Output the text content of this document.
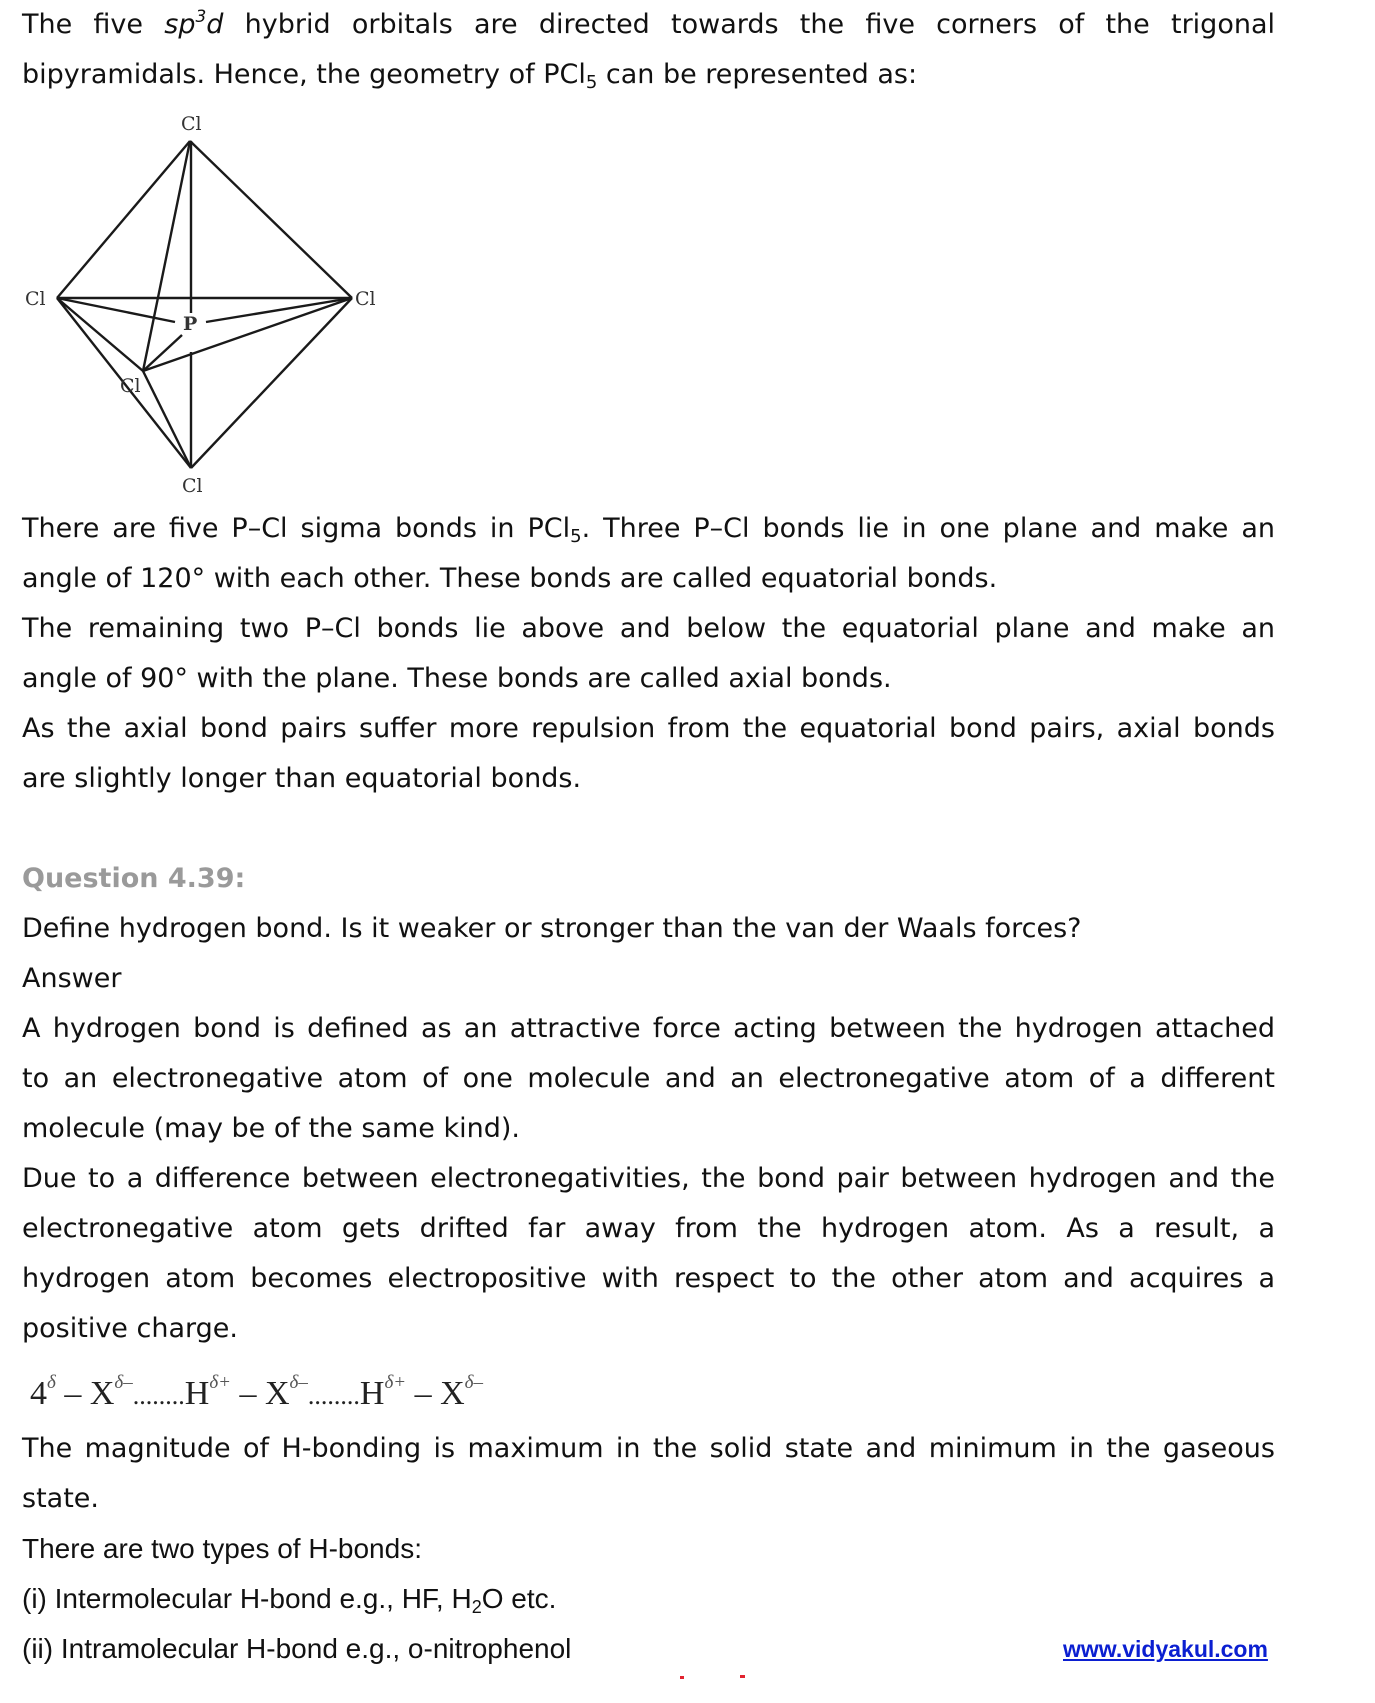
The five $sp^3d$ hybrid orbitals are directed towards the five corners of the trigonal
bipyramidals. Hence, the geometry of PCl$_5$ can be represented as:
Cl
Cl	Cl
Cl
Cl
P
There are five P–Cl sigma bonds in PCl$_5$. Three P–Cl bonds lie in one plane and make an
angle of 120° with each other. These bonds are called equatorial bonds.
The remaining two P–Cl bonds lie above and below the equatorial plane and make an
angle of 90° with the plane. These bonds are called axial bonds.
As the axial bond pairs suffer more repulsion from the equatorial bond pairs, axial bonds
are slightly longer than equatorial bonds.
Question 4.39:
Define hydrogen bond. Is it weaker or stronger than the van der Waals forces?
Answer
A hydrogen bond is defined as an attractive force acting between the hydrogen attached
to an electronegative atom of one molecule and an electronegative atom of a different
molecule (may be of the same kind).
Due to a difference between electronegativities, the bond pair between hydrogen and the
electronegative atom gets drifted far away from the hydrogen atom. As a result, a
hydrogen atom becomes electropositive with respect to the other atom and acquires a
positive charge.
$4^\delta - X^{\delta-}........H^{\delta+} - X^{\delta-}........H^{\delta+} - X^{\delta-}$
The magnitude of H-bonding is maximum in the solid state and minimum in the gaseous
state.
There are two types of H-bonds:
(i) Intermolecular H-bond e.g., HF, $H_2O$ etc.
(ii) Intramolecular H-bond e.g., o-nitrophenol	www.vidyakul.com
